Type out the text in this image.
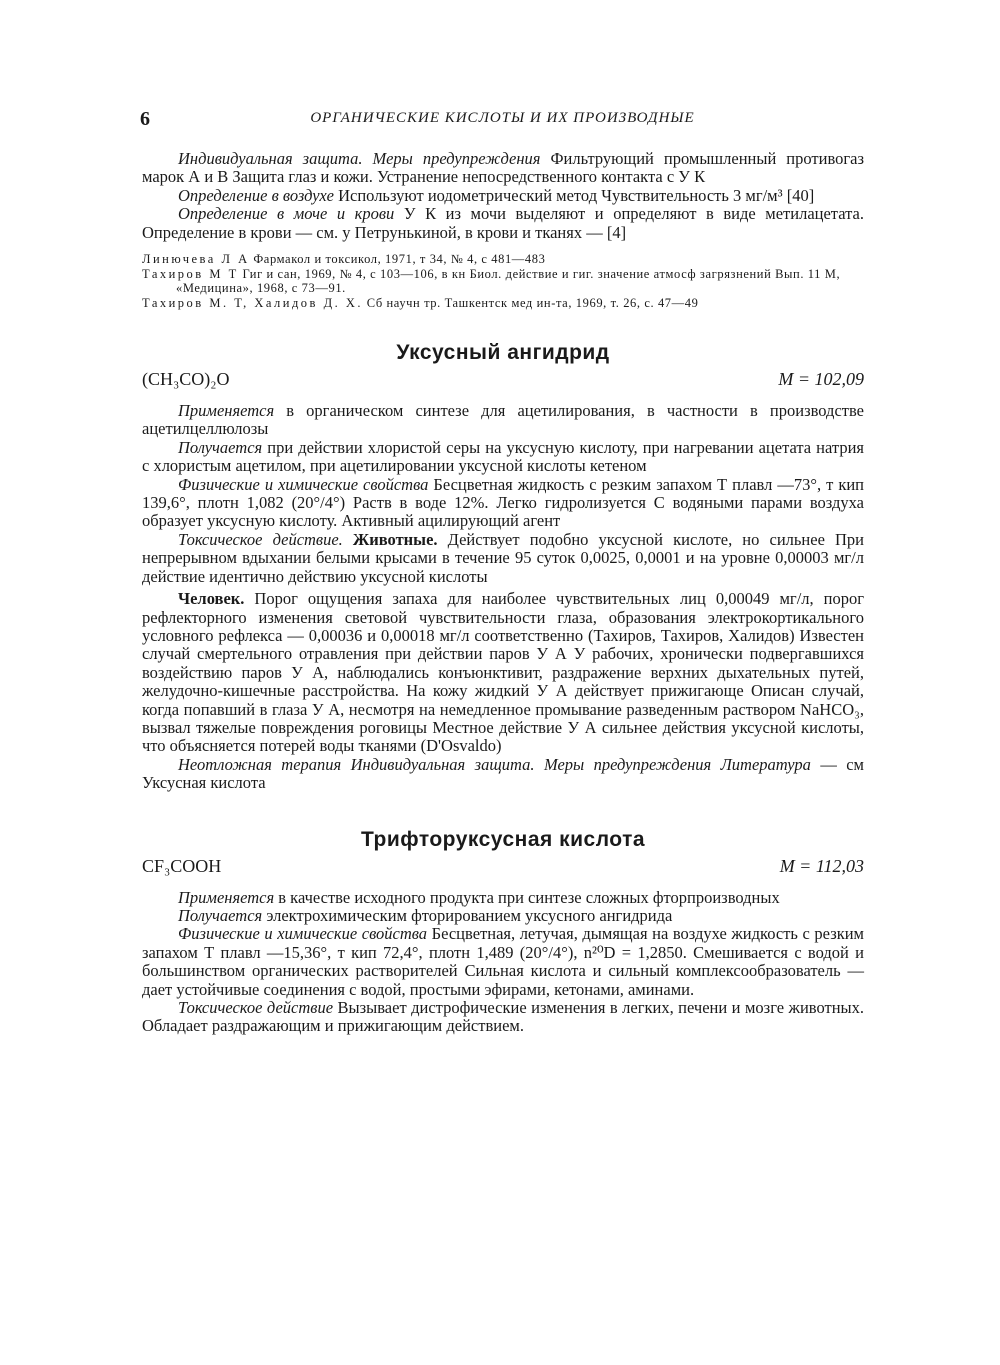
6	ОРГАНИЧЕСКИЕ КИСЛОТЫ И ИХ ПРОИЗВОДНЫЕ

Индивидуальная защита. Меры предупреждения Фильтрующий промышленный противогаз марок А и В Защита глаз и кожи. Устранение непосредственного контакта с У К

Определение в воздухе Используют иодометрический метод Чувствительность 3 мг/м³ [40]

Определение в моче и крови У К из мочи выделяют и определяют в виде метилацетата. Определение в крови — см. у Петрунькиной, в крови и тканях — [4]

Линючева Л А Фармакол и токсикол, 1971, т 34, № 4, с 481—483

Тахиров М Т Гиг и сан, 1969, № 4, с 103—106, в кн Биол. действие и гиг. значение атмосф загрязнений Вып. 11 М, «Медицина», 1968, с 73—91.

Тахиров М. Т, Халидов Д. Х. Сб научн тр. Ташкентск мед ин-та, 1969, т. 26, с. 47—49

Уксусный ангидрид
(CH₃CO)₂O	M = 102,09

Применяется в органическом синтезе для ацетилирования, в частности в производстве ацетилцеллюлозы

Получается при действии хлористой серы на уксусную кислоту, при нагревании ацетата натрия с хлористым ацетилом, при ацетилировании уксусной кислоты кетеном

Физические и химические свойства Бесцветная жидкость с резким запахом Т плавл —73°, т кип 139,6°, плотн 1,082 (20°/4°) Раств в воде 12%. Легко гидролизуется С водяными парами воздуха образует уксусную кислоту. Активный ацилирующий агент

Токсическое действие. Животные. Действует подобно уксусной кислоте, но сильнее При непрерывном вдыхании белыми крысами в течение 95 суток 0,0025, 0,0001 и на уровне 0,00003 мг/л действие идентично действию уксусной кислоты

Человек. Порог ощущения запаха для наиболее чувствительных лиц 0,00049 мг/л, порог рефлекторного изменения световой чувствительности глаза, образования электрокортикального условного рефлекса — 0,00036 и 0,00018 мг/л соответственно (Тахиров, Тахиров, Халидов) Известен случай смертельного отравления при действии паров У А У рабочих, хронически подвергавшихся воздействию паров У А, наблюдались конъюнктивит, раздражение верхних дыхательных путей, желудочно-кишечные расстройства. На кожу жидкий У А действует прижигающе Описан случай, когда попавший в глаза У А, несмотря на немедленное промывание разведенным раствором NaHCO₃, вызвал тяжелые повреждения роговицы Местное действие У А сильнее действия уксусной кислоты, что объясняется потерей воды тканями (D'Osvaldo)

Неотложная терапия Индивидуальная защита. Меры предупреждения Литература — см Уксусная кислота

Трифторуксусная кислота
CF₃COOH	M = 112,03

Применяется в качестве исходного продукта при синтезе сложных фторпроизводных

Получается электрохимическим фторированием уксусного ангидрида

Физические и химические свойства Бесцветная, летучая, дымящая на воздухе жидкость с резким запахом Т плавл —15,36°, т кип 72,4°, плотн 1,489 (20°/4°), n²⁰D = 1,2850. Смешивается с водой и большинством органических растворителей Сильная кислота и сильный комплексообразователь — дает устойчивые соединения с водой, простыми эфирами, кетонами, аминами.

Токсическое действие Вызывает дистрофические изменения в легких, печени и мозге животных. Обладает раздражающим и прижигающим действием.
